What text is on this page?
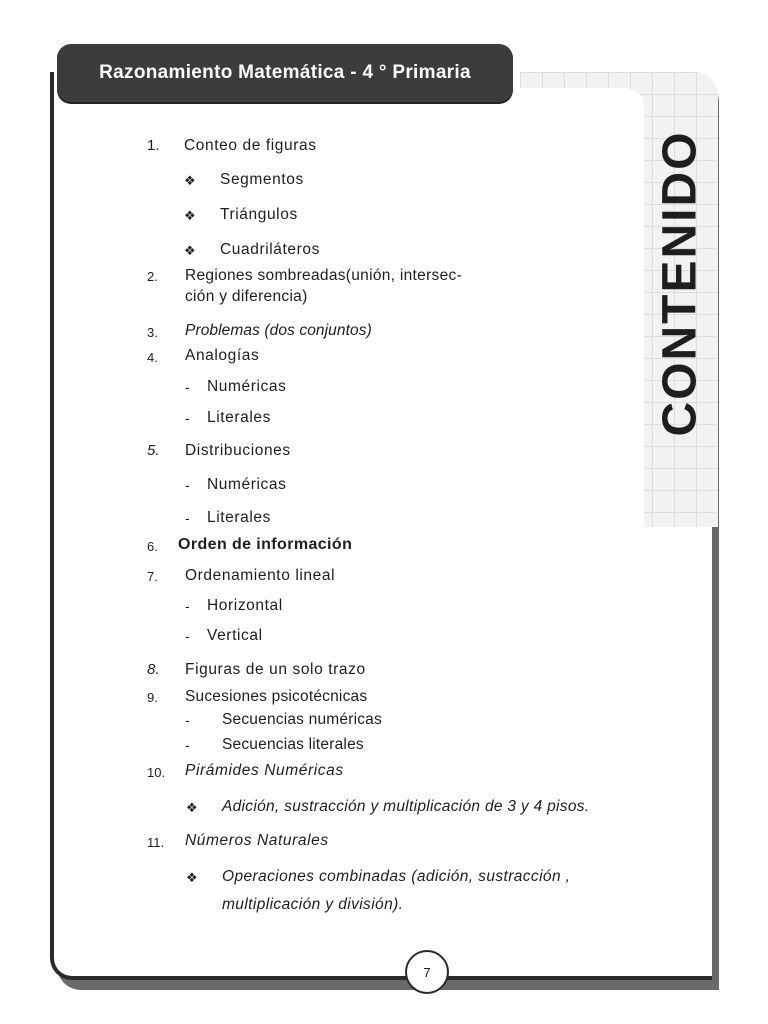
Razonamiento Matemática - 4 ° Primaria
CONTENIDO
1. Conteo de figuras
❖ Segmentos
❖ Triángulos
❖ Cuadriláteros
2. Regiones sombreadas(unión, intersec-
ción y diferencia)
3. Problemas (dos conjuntos)
4. Analogías
- Numéricas
- Literales
5. Distribuciones
- Numéricas
- Literales
6. Orden de información
7. Ordenamiento lineal
- Horizontal
- Vertical
8. Figuras de un solo trazo
9. Sucesiones psicotécnicas
- Secuencias numéricas
- Secuencias literales
10. Pirámides Numéricas
❖ Adición, sustracción y multiplicación de 3 y 4 pisos.
11. Números Naturales
❖ Operaciones combinadas (adición, sustracción ,
multiplicación y división).
7
